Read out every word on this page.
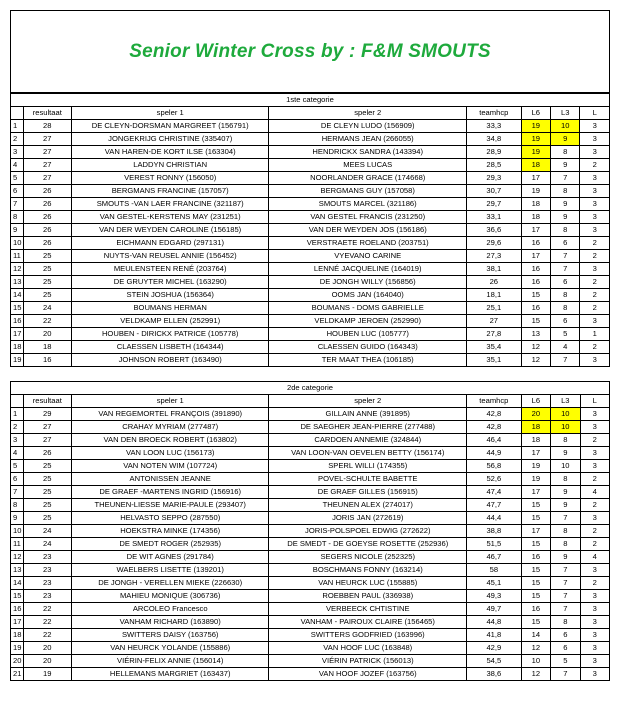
Senior Winter Cross by : F&M SMOUTS
1ste categorie							
	resultaat	speler 1	speler 2	teamhcp	L6	L3	L
1	28	DE CLEYN-DORSMAN MARGREET (156791)	DE CLEYN LUDO (156909)	33,3	19	10	3
2	27	JONGEKRIJG CHRISTINE (335407)	HERMANS JEAN (266055)	34,8	19	9	3
3	27	VAN HAREN-DE KORT ILSE (163304)	HENDRICKX SANDRA (143394)	28,9	19	8	3
4	27	LADDYN CHRISTIAN	MEES LUCAS	28,5	18	9	2
5	27	VEREST RONNY (156050)	NOORLANDER GRACE (174668)	29,3	17	7	3
6	26	BERGMANS FRANCINE (157057)	BERGMANS GUY (157058)	30,7	19	8	3
7	26	SMOUTS -VAN LAER FRANCINE (321187)	SMOUTS MARCEL (321186)	29,7	18	9	3
8	26	VAN GESTEL-KERSTENS MAY (231251)	VAN GESTEL FRANCIS (231250)	33,1	18	9	3
9	26	VAN DER WEYDEN CAROLINE (156185)	VAN DER WEYDEN JOS (156186)	36,6	17	8	3
10	26	EICHMANN EDGARD (297131)	VERSTRAETE ROELAND (203751)	29,6	16	6	2
11	25	NUYTS-VAN REUSEL ANNIE (156452)	VYEVANO CARINE	27,3	17	7	2
12	25	MEULENSTEEN RENÉ (203764)	LENNÉ JACQUELINE (164019)	38,1	16	7	3
13	25	DE GRUYTER MICHEL (163290)	DE JONGH WILLY (156856)	26	16	6	2
14	25	STEIN JOSHUA (156364)	OOMS JAN (164040)	18,1	15	8	2
15	24	BOUMANS HERMAN	BOUMANS - DOMS GABRIELLE	25,1	16	8	2
16	22	VELDKAMP ELLEN (252991)	VELDKAMP JEROEN (252990)	27	15	6	3
17	20	HOUBEN - DIRICKX PATRICE (105778)	HOUBEN LUC (105777)	27,8	13	5	1
18	18	CLAESSEN LISBETH (164344)	CLAESSEN GUIDO (164343)	35,4	12	4	2
19	16	JOHNSON ROBERT (163490)	TER MAAT THEA (106185)	35,1	12	7	3
2de categorie							
	resultaat	speler 1	speler 2	teamhcp	L6	L3	L
1	29	VAN REGEMORTEL FRANÇOIS (391890)	GILLAIN ANNE (391895)	42,8	20	10	3
2	27	CRAHAY MYRIAM (277487)	DE SAEGHER JEAN-PIERRE (277488)	42,8	18	10	3
3	27	VAN DEN BROECK ROBERT (163802)	CARDOEN ANNEMIE (324844)	46,4	18	8	2
4	26	VAN LOON LUC (156173)	VAN LOON-VAN OEVELEN BETTY (156174)	44,9	17	9	3
5	25	VAN NOTEN WIM (107724)	SPERL WILLI (174355)	56,8	19	10	3
6	25	ANTONISSEN JEANNE	POVEL-SCHULTE BABETTE	52,6	19	8	2
7	25	DE GRAEF -MARTENS INGRID (156916)	DE GRAEF GILLES (156915)	47,4	17	9	4
8	25	THEUNEN-LIESSE MARIE-PAULE (293407)	THEUNEN ALEX (274017)	47,7	15	9	2
9	25	HELVASTO SEPPO (287550)	JORIS JAN (272619)	44,4	15	7	3
10	24	HOEKSTRA MINKE (174356)	JORIS-POLSPOEL EDWIG (272622)	38,8	17	8	2
11	24	DE SMEDT ROGER (252935)	DE SMEDT - DE GOEYSE ROSETTE (252936)	51,5	15	8	2
12	23	DE WIT AGNES (291784)	SEGERS NICOLE (252325)	46,7	16	9	4
13	23	WAELBERS LISETTE (139201)	BOSCHMANS FONNY (163214)	58	15	7	3
14	23	DE JONGH - VERELLEN MIEKE (226630)	VAN HEURCK LUC (155885)	45,1	15	7	2
15	23	MAHIEU MONIQUE (306736)	ROEBBEN PAUL (336938)	49,3	15	7	3
16	22	ARCOLEO Francesco	VERBEECK CHTISTINE	49,7	16	7	3
17	22	VANHAM RICHARD (163890)	VANHAM - PAIROUX CLAIRE (156465)	44,8	15	8	3
18	22	SWITTERS DAISY (163756)	SWITTERS GODFRIED (163996)	41,8	14	6	3
19	20	VAN HEURCK YOLANDE (155886)	VAN HOOF LUC (163848)	42,9	12	6	3
20	20	VIÉRIN-FELIX ANNIE (156014)	VIÉRIN PATRICK (156013)	54,5	10	5	3
21	19	HELLEMANS MARGRIET (163437)	VAN HOOF JOZEF (163756)	38,6	12	7	3
